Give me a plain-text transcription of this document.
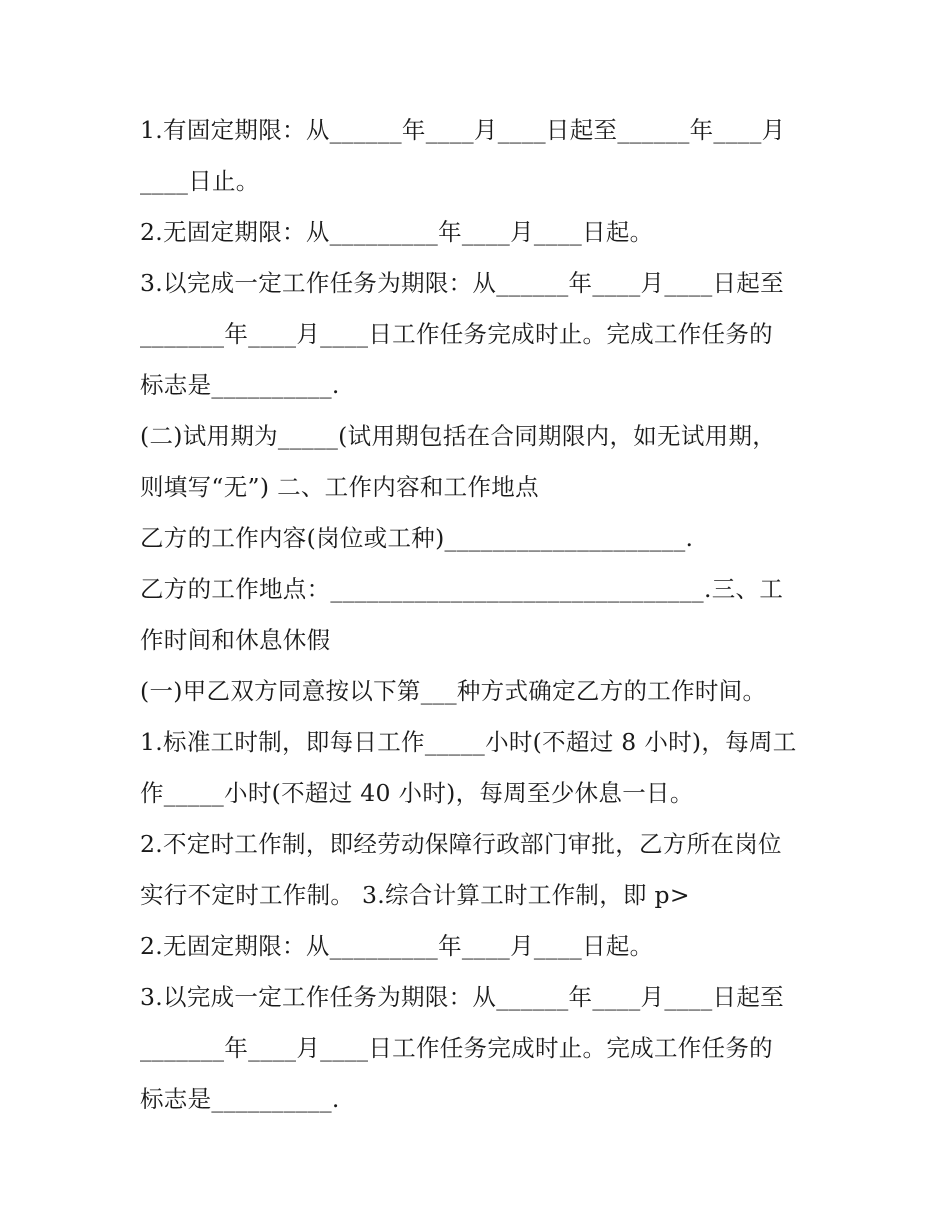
1.有固定期限：从______年____月____日起至______年____月
____日止。
2.无固定期限：从_________年____月____日起。
3.以完成一定工作任务为期限：从______年____月____日起至
_______年____月____日工作任务完成时止。完成工作任务的
标志是__________.
(二)试用期为_____(试用期包括在合同期限内，如无试用期，
则填写“无”) 二、工作内容和工作地点
乙方的工作内容(岗位或工种)____________________.
乙方的工作地点：_______________________________.三、工
作时间和休息休假
(一)甲乙双方同意按以下第___种方式确定乙方的工作时间。
1.标准工时制，即每日工作_____小时(不超过 8 小时)，每周工
作_____小时(不超过 40 小时)，每周至少休息一日。
2.不定时工作制，即经劳动保障行政部门审批，乙方所在岗位
实行不定时工作制。 3.综合计算工时工作制，即 p>
2.无固定期限：从_________年____月____日起。
3.以完成一定工作任务为期限：从______年____月____日起至
_______年____月____日工作任务完成时止。完成工作任务的
标志是__________.
